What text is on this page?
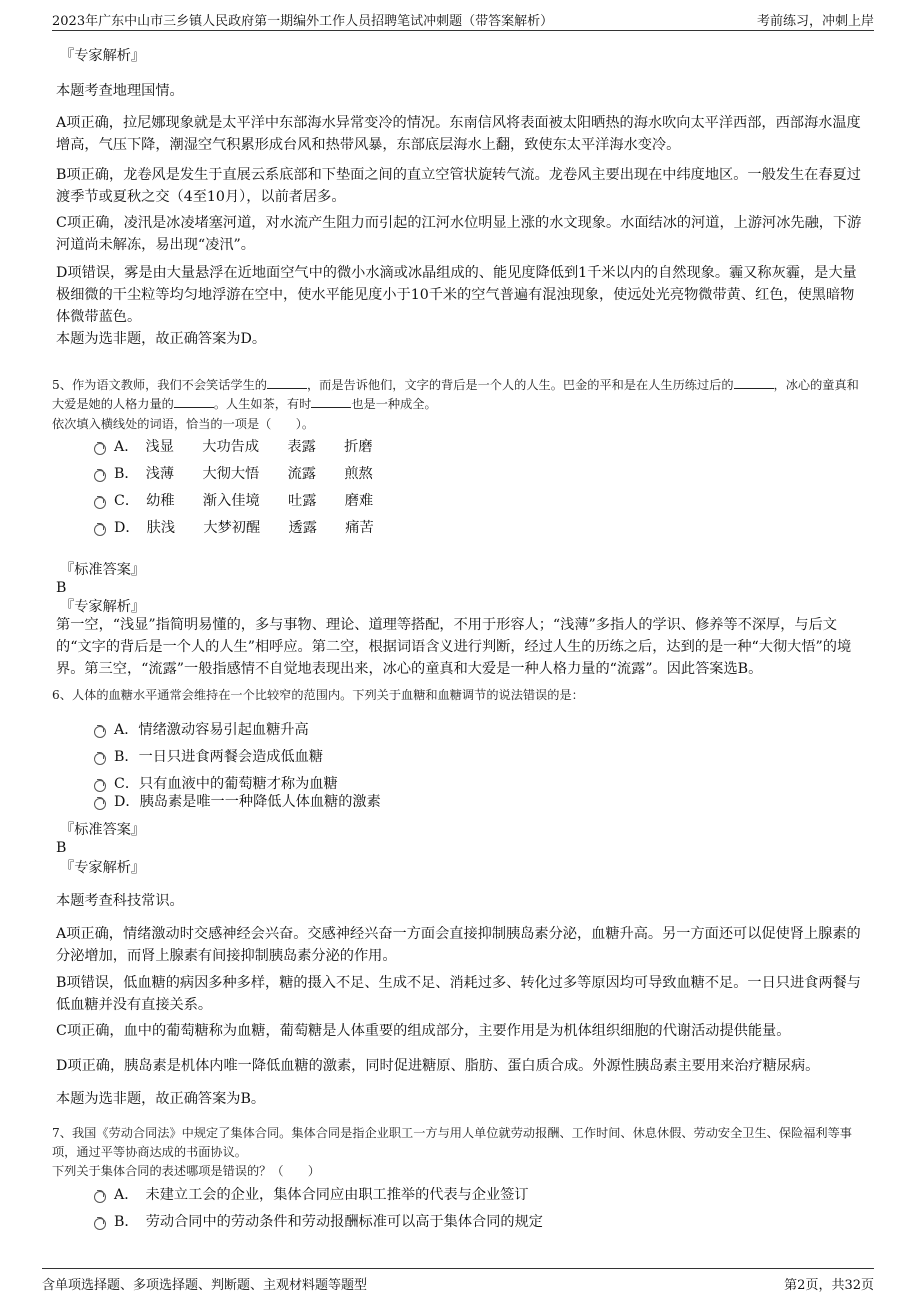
2023年广东中山市三乡镇人民政府第一期编外工作人员招聘笔试冲刺题（带答案解析）	考前练习，冲刺上岸
『专家解析』
本题考查地理国情。
A项正确，拉尼娜现象就是太平洋中东部海水异常变冷的情况。东南信风将表面被太阳晒热的海水吹向太平洋西部，西部海水温度增高，气压下降，潮湿空气积累形成台风和热带风暴，东部底层海水上翻，致使东太平洋海水变冷。
B项正确，龙卷风是发生于直展云系底部和下垫面之间的直立空管状旋转气流。龙卷风主要出现在中纬度地区。一般发生在春夏过渡季节或夏秋之交（4至10月），以前者居多。
C项正确，凌汛是冰凌堵塞河道，对水流产生阻力而引起的江河水位明显上涨的水文现象。水面结冰的河道，上游河冰先融，下游河道尚未解冻，易出现“凌汛”。
D项错误，雾是由大量悬浮在近地面空气中的微小水滴或冰晶组成的、能见度降低到1千米以内的自然现象。霾又称灰霾，是大量极细微的干尘粒等均匀地浮游在空中，使水平能见度小于10千米的空气普遍有混浊现象，使远处光亮物微带黄、红色，使黑暗物体微带蓝色。
本题为选非题，故正确答案为D。
5、作为语文教师，我们不会笑话学生的	，而是告诉他们，文字的背后是一个人的人生。巴金的平和是在人生历练过后的	，冰心的童真和大爱是她的人格力量的	。人生如茶，有时	也是一种成全。
依次填入横线处的词语，恰当的一项是（　　）。
A．　浅显　　大功告成　　表露　　折磨
B．　浅薄　　大彻大悟　　流露　　煎熬
C．　幼稚　　渐入佳境　　吐露　　磨难
D．　肤浅　　大梦初醒　　透露　　痛苦
『标准答案』
B
『专家解析』
第一空，“浅显”指简明易懂的，多与事物、理论、道理等搭配，不用于形容人；“浅薄”多指人的学识、修养等不深厚，与后文的“文字的背后是一个人的人生”相呼应。第二空，根据词语含义进行判断，经过人生的历练之后，达到的是一种“大彻大悟”的境界。第三空，“流露”一般指感情不自觉地表现出来，冰心的童真和大爱是一种人格力量的“流露”。因此答案选B。
6、人体的血糖水平通常会维持在一个比较窄的范围内。下列关于血糖和血糖调节的说法错误的是：
A．情绪激动容易引起血糖升高
B．一日只进食两餐会造成低血糖
C．只有血液中的葡萄糖才称为血糖
D．胰岛素是唯一一种降低人体血糖的激素
『标准答案』
B
『专家解析』
本题考查科技常识。
A项正确，情绪激动时交感神经会兴奋。交感神经兴奋一方面会直接抑制胰岛素分泌，血糖升高。另一方面还可以促使肾上腺素的分泌增加，而肾上腺素有间接抑制胰岛素分泌的作用。
B项错误，低血糖的病因多种多样，糖的摄入不足、生成不足、消耗过多、转化过多等原因均可导致血糖不足。一日只进食两餐与低血糖并没有直接关系。
C项正确，血中的葡萄糖称为血糖，葡萄糖是人体重要的组成部分，主要作用是为机体组织细胞的代谢活动提供能量。
D项正确，胰岛素是机体内唯一降低血糖的激素，同时促进糖原、脂肪、蛋白质合成。外源性胰岛素主要用来治疗糖尿病。
本题为选非题，故正确答案为B。
7、我国《劳动合同法》中规定了集体合同。集体合同是指企业职工一方与用人单位就劳动报酬、工作时间、休息休假、劳动安全卫生、保险福利等事项，通过平等协商达成的书面协议。
下列关于集体合同的表述哪项是错误的？（　　）
A．　未建立工会的企业，集体合同应由职工推举的代表与企业签订
B．　劳动合同中的劳动条件和劳动报酬标准可以高于集体合同的规定
含单项选择题、多项选择题、判断题、主观材料题等题型	第2页，共32页
